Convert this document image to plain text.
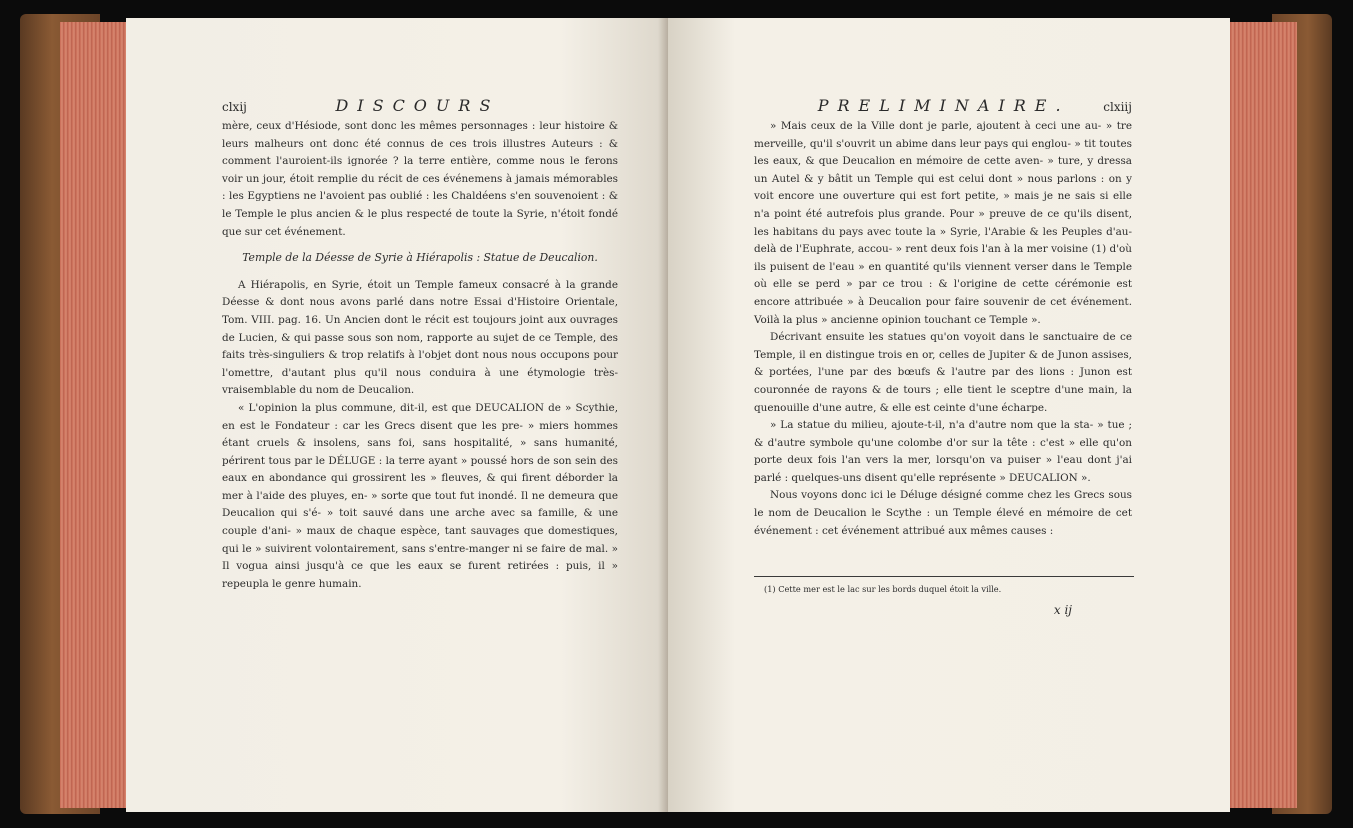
clxij	DISCOURS

mère, ceux d'Hésiode, sont donc les mêmes personnages : leur histoire & leurs malheurs ont donc été connus de ces trois illustres Auteurs : & comment l'auroient-ils ignorée ? la terre entière, comme nous le ferons voir un jour, étoit remplie du récit de ces événemens à jamais mémorables : les Egyptiens ne l'avoient pas oublié : les Chaldéens s'en souvenoient : & le Temple le plus ancien & le plus respecté de toute la Syrie, n'étoit fondé que sur cet événement.

Temple de la Déesse de Syrie à Hiérapolis : Statue de Deucalion.

A Hiérapolis, en Syrie, étoit un Temple fameux consacré à la grande Déesse & dont nous avons parlé dans notre Essai d'Histoire Orientale, Tom. VIII. pag. 16. Un Ancien dont le récit est toujours joint aux ouvrages de Lucien, & qui passe sous son nom, rapporte au sujet de ce Temple, des faits très-singuliers & trop relatifs à l'objet dont nous nous occupons pour l'omettre, d'autant plus qu'il nous conduira à une étymologie très-vraisemblable du nom de Deucalion.

« L'opinion la plus commune, dit-il, est que DEUCALION de » Scythie, en est le Fondateur : car les Grecs disent que les pre- » miers hommes étant cruels & insolens, sans foi, sans hospitalité, » sans humanité, périrent tous par le DÉLUGE : la terre ayant » poussé hors de son sein des eaux en abondance qui grossirent les » fleuves, & qui firent déborder la mer à l'aide des pluyes, en- » sorte que tout fut inondé. Il ne demeura que Deucalion qui s'é- » toit sauvé dans une arche avec sa famille, & une couple d'ani- » maux de chaque espèce, tant sauvages que domestiques, qui le » suivirent volontairement, sans s'entre-manger ni se faire de mal. » Il vogua ainsi jusqu'à ce que les eaux se furent retirées : puis, il » repeupla le genre humain.

PRELIMINAIRE.	clxiij

» Mais ceux de la Ville dont je parle, ajoutent à ceci une au- » tre merveille, qu'il s'ouvrit un abime dans leur pays qui englou- » tit toutes les eaux, & que Deucalion en mémoire de cette aven- » ture, y dressa un Autel & y bâtit un Temple qui est celui dont » nous parlons : on y voit encore une ouverture qui est fort petite, » mais je ne sais si elle n'a point été autrefois plus grande. Pour » preuve de ce qu'ils disent, les habitans du pays avec toute la » Syrie, l'Arabie & les Peuples d'au-delà de l'Euphrate, accou- » rent deux fois l'an à la mer voisine (1) d'où ils puisent de l'eau » en quantité qu'ils viennent verser dans le Temple où elle se perd » par ce trou : & l'origine de cette cérémonie est encore attribuée » à Deucalion pour faire souvenir de cet événement. Voilà la plus » ancienne opinion touchant ce Temple ».

Décrivant ensuite les statues qu'on voyoit dans le sanctuaire de ce Temple, il en distingue trois en or, celles de Jupiter & de Junon assises, & portées, l'une par des bœufs & l'autre par des lions : Junon est couronnée de rayons & de tours ; elle tient le sceptre d'une main, la quenouille d'une autre, & elle est ceinte d'une écharpe.

» La statue du milieu, ajoute-t-il, n'a d'autre nom que la sta- » tue ; & d'autre symbole qu'une colombe d'or sur la tête : c'est » elle qu'on porte deux fois l'an vers la mer, lorsqu'on va puiser » l'eau dont j'ai parlé : quelques-uns disent qu'elle représente » DEUCALION ».

Nous voyons donc ici le Déluge désigné comme chez les Grecs sous le nom de Deucalion le Scythe : un Temple élevé en mémoire de cet événement : cet événement attribué aux mêmes causes :

(1) Cette mer est le lac sur les bords duquel étoit la ville.
x ij
